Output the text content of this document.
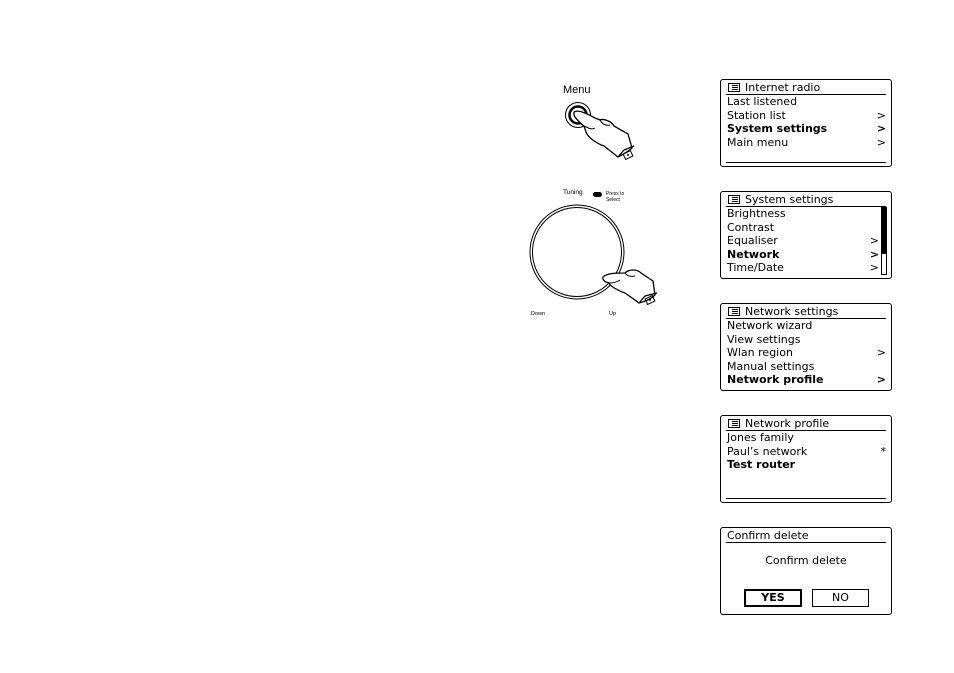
Menu
Tuning	Press to
Select
Down	Up
Internet radio
Last listened
Station list	>
System settings	>
Main menu	>
System settings
Brightness
Contrast
Equaliser	>
Network	>
Time/Date	>
Network settings
Network wizard
View settings
Wlan region	>
Manual settings
Network profile	>
Network profile
Jones family
Paul’s network	*
Test router
Confirm delete
Confirm delete
YES	NO
